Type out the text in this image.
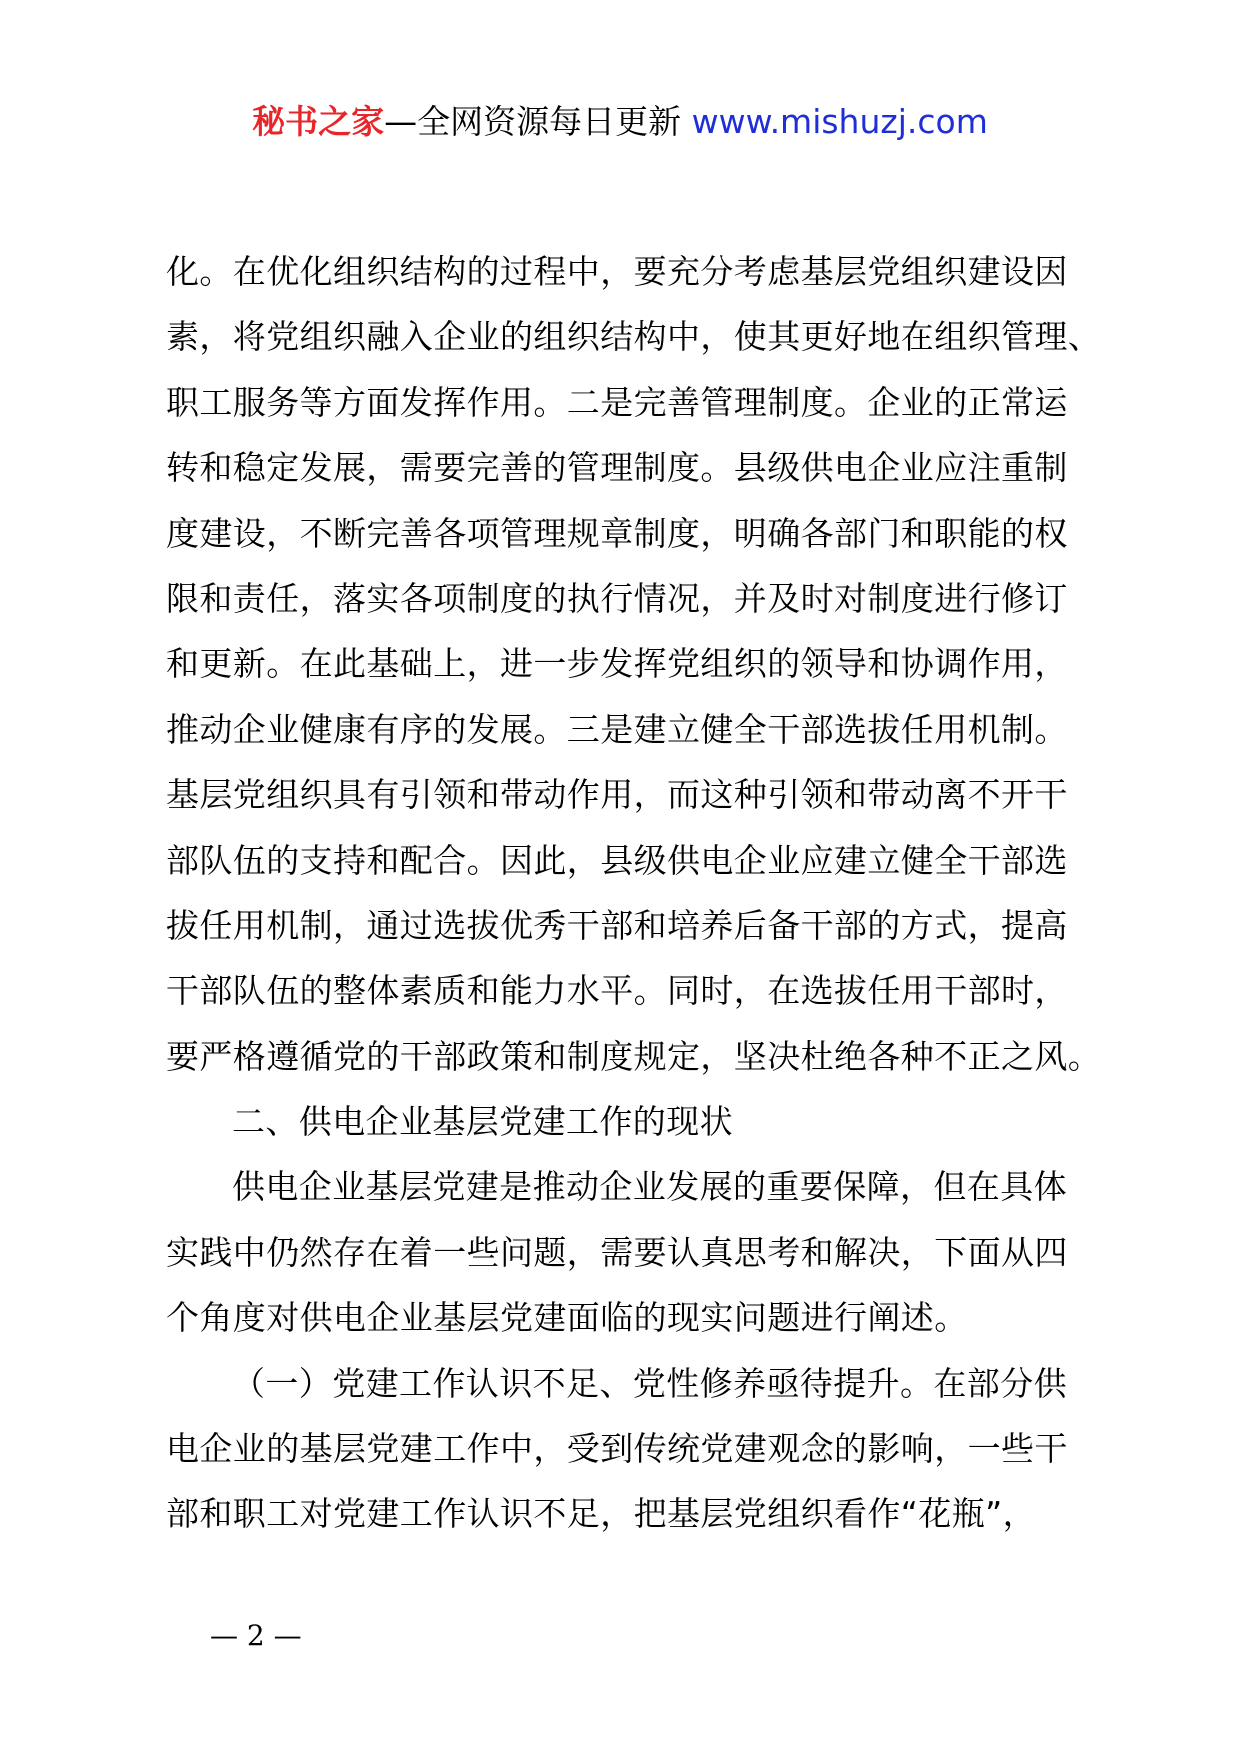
秘书之家—全网资源每日更新 www.mishuzj.com
化。在优化组织结构的过程中，要充分考虑基层党组织建设因
素，将党组织融入企业的组织结构中，使其更好地在组织管理、
职工服务等方面发挥作用。二是完善管理制度。企业的正常运
转和稳定发展，需要完善的管理制度。县级供电企业应注重制
度建设，不断完善各项管理规章制度，明确各部门和职能的权
限和责任，落实各项制度的执行情况，并及时对制度进行修订
和更新。在此基础上，进一步发挥党组织的领导和协调作用，
推动企业健康有序的发展。三是建立健全干部选拔任用机制。
基层党组织具有引领和带动作用，而这种引领和带动离不开干
部队伍的支持和配合。因此，县级供电企业应建立健全干部选
拔任用机制，通过选拔优秀干部和培养后备干部的方式，提高
干部队伍的整体素质和能力水平。同时，在选拔任用干部时，
要严格遵循党的干部政策和制度规定，坚决杜绝各种不正之风。
二、供电企业基层党建工作的现状
供电企业基层党建是推动企业发展的重要保障，但在具体
实践中仍然存在着一些问题，需要认真思考和解决，下面从四
个角度对供电企业基层党建面临的现实问题进行阐述。
（一）党建工作认识不足、党性修养亟待提升。在部分供
电企业的基层党建工作中，受到传统党建观念的影响，一些干
部和职工对党建工作认识不足，把基层党组织看作“花瓶”，
— 2 —
